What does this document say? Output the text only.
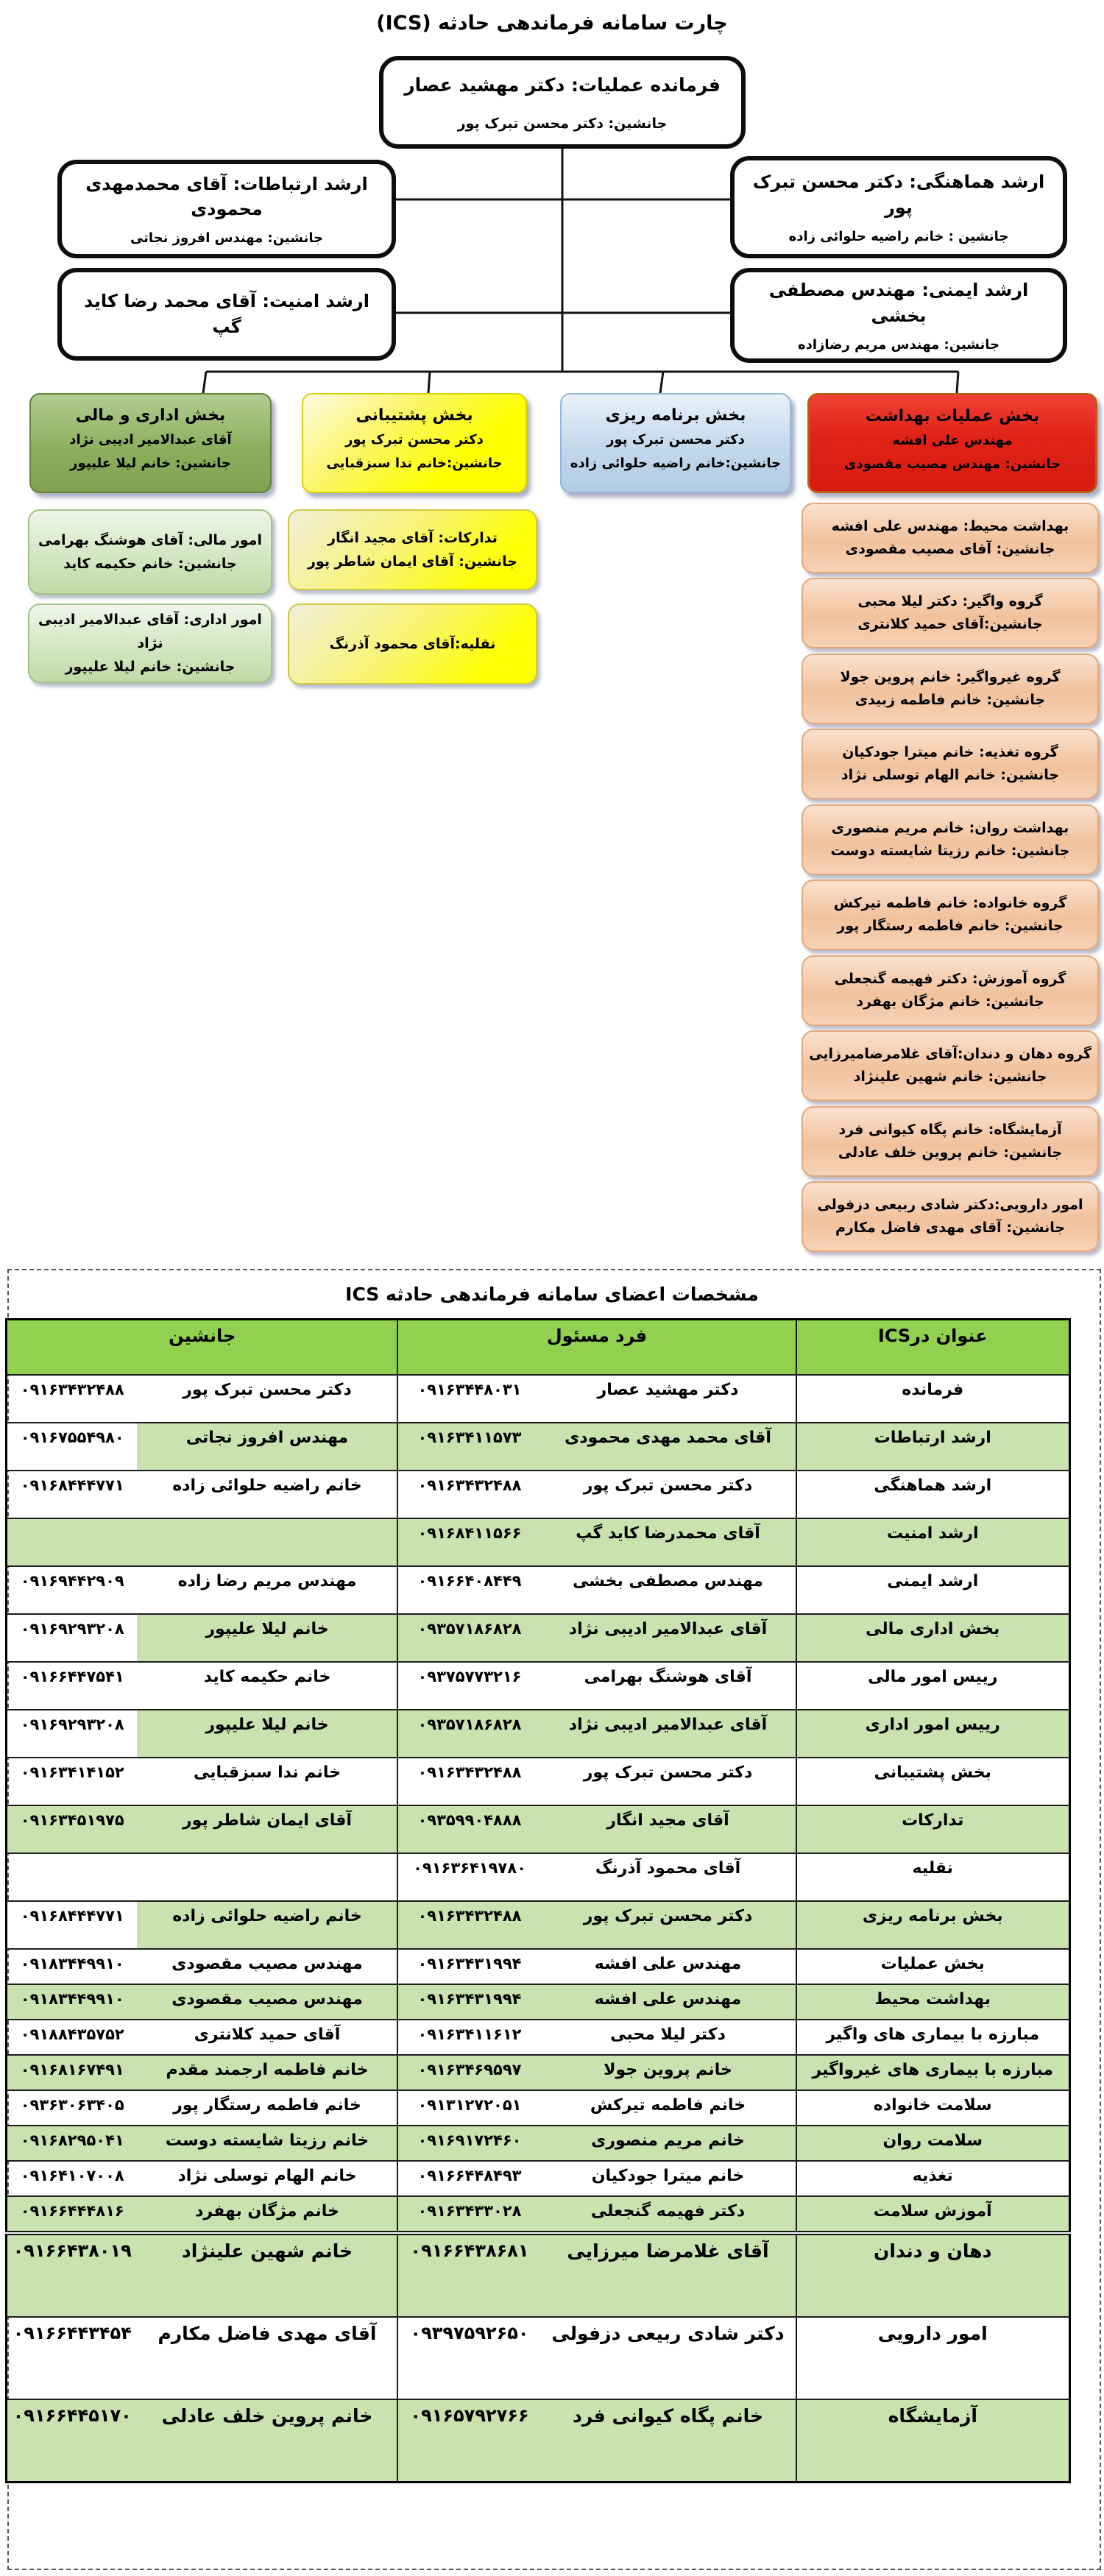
چارت سامانه فرماندهی حادثه (ICS)
فرمانده عملیات: دکتر مهشید عصار
جانشین: دکتر محسن تبرک پور
ارشد ارتباطات: آقای محمدمهدی محمودی
جانشین: مهندس افروز نجاتی
ارشد امنیت: آقای محمد رضا کاید گپ
ارشد هماهنگی: دکتر محسن تبرک پور
جانشین : خانم راضیه حلوائی زاده
ارشد ایمنی: مهندس مصطفی بخشی
جانشین: مهندس مریم رضازاده
بخش عملیات بهداشت
مهندس علی افشه
جانشین: مهندس مصیب مقصودی
بخش برنامه ریزی
دکتر محسن تبرک پور
جانشین:خانم راضیه حلوائی زاده
بخش پشتیبانی
دکتر محسن تبرک پور
جانشین:خانم ندا سبزقبایی
بخش اداری و مالی
آقای عبدالامیر ادیبی نژاد
جانشین: خانم لیلا علیپور
بهداشت محیط: مهندس علی افشه
جانشین: آقای مصیب مقصودی
گروه واگیر: دکتر لیلا محبی
جانشین:آقای حمید کلانتری
گروه غیرواگیر: خانم پروین جولا
جانشین: خانم فاطمه زبیدی
گروه تغذیه: خانم میترا جودکیان
جانشین: خانم الهام توسلی نژاد
بهداشت روان: خانم مریم منصوری
جانشین: خانم رزیتا شایسته دوست
گروه خانواده: خانم فاطمه تیرکش
جانشین: خانم فاطمه رستگار پور
گروه آموزش: دکتر فهیمه گنجعلی
جانشین: خانم مژگان بهفرد
گروه دهان و دندان:آقای غلامرضامیرزایی
جانشین: خانم شهین علینژاد
آزمایشگاه: خانم پگاه کیوانی فرد
جانشین: خانم پروین خلف عادلی
امور دارویی:دکتر شادی ربیعی دزفولی
جانشین: آقای مهدی فاضل مکارم
تدارکات: آقای مجید انگار
جانشین: آقای ایمان شاطر پور
نقلیه:آقای محمود آذرنگ
امور مالی: آقای هوشنگ بهرامی
جانشین: خانم حکیمه کاید
امور اداری: آقای عبدالامیر ادیبی نژاد
جانشین: خانم لیلا علیپور
مشخصات اعضای سامانه فرماندهی حادثه ICS
عنوان درICS	فرد مسئول		جانشین	
فرمانده	دکتر مهشید عصار	۰۹۱۶۳۴۴۸۰۳۱	دکتر محسن تبرک پور	۰۹۱۶۳۴۳۲۴۸۸
ارشد ارتباطات	آقای محمد مهدی محمودی	۰۹۱۶۳۴۱۱۵۷۳	مهندس افروز نجاتی	۰۹۱۶۷۵۵۴۹۸۰
ارشد هماهنگی	دکتر محسن تبرک پور	۰۹۱۶۳۴۳۲۴۸۸	خانم راضیه حلوائی زاده	۰۹۱۶۸۴۴۴۷۷۱
ارشد امنیت	آقای محمدرضا کاید گپ	۰۹۱۶۸۴۱۱۵۶۶		
ارشد ایمنی	مهندس مصطفی بخشی	۰۹۱۶۶۴۰۸۴۴۹	مهندس مریم رضا زاده	۰۹۱۶۹۴۴۲۹۰۹
بخش اداری مالی	آقای عبدالامیر ادیبی نژاد	۰۹۳۵۷۱۸۶۸۲۸	خانم لیلا علیپور	۰۹۱۶۹۲۹۳۲۰۸
رییس امور مالی	آقای هوشنگ بهرامی	۰۹۳۷۵۷۷۳۲۱۶	خانم حکیمه کاید	۰۹۱۶۶۴۴۷۵۴۱
رییس امور اداری	آقای عبدالامیر ادیبی نژاد	۰۹۳۵۷۱۸۶۸۲۸	خانم لیلا علیپور	۰۹۱۶۹۲۹۳۲۰۸
بخش پشتیبانی	دکتر محسن تبرک پور	۰۹۱۶۳۴۳۲۴۸۸	خانم ندا سبزقبایی	۰۹۱۶۳۴۱۴۱۵۲
تدارکات	آقای مجید انگار	۰۹۳۵۹۹۰۴۸۸۸	آقای ایمان شاطر پور	۰۹۱۶۳۴۵۱۹۷۵
نقلیه	آقای محمود آذرنگ	۰۹۱۶۳۶۴۱۹۷۸۰		
بخش برنامه ریزی	دکتر محسن تبرک پور	۰۹۱۶۳۴۳۲۴۸۸	خانم راضیه حلوائی زاده	۰۹۱۶۸۴۴۴۷۷۱
بخش عملیات	مهندس علی افشه	۰۹۱۶۳۴۳۱۹۹۴	مهندس مصیب مقصودی	۰۹۱۸۳۴۴۹۹۱۰
بهداشت محیط	مهندس علی افشه	۰۹۱۶۳۴۳۱۹۹۴	مهندس مصیب مقصودی	۰۹۱۸۳۴۴۹۹۱۰
مبارزه با بیماری های واگیر	دکتر لیلا محبی	۰۹۱۶۳۴۱۱۶۱۲	آقای حمید کلانتری	۰۹۱۸۸۴۳۵۷۵۲
مبارزه با بیماری های غیرواگیر	خانم پروین جولا	۰۹۱۶۳۴۶۹۵۹۷	خانم فاطمه ارجمند مقدم	۰۹۱۶۸۱۶۷۴۹۱
سلامت خانواده	خانم فاطمه تیرکش	۰۹۱۳۱۲۷۲۰۵۱	خانم فاطمه رستگار پور	۰۹۳۶۳۰۶۳۴۰۵
سلامت روان	خانم مریم منصوری	۰۹۱۶۹۱۷۲۴۶۰	خانم رزیتا شایسته دوست	۰۹۱۶۸۲۹۵۰۴۱
تغذیه	خانم میترا جودکیان	۰۹۱۶۶۴۴۸۴۹۳	خانم الهام توسلی نژاد	۰۹۱۶۴۱۰۷۰۰۸
آموزش سلامت	دکتر فهیمه گنجعلی	۰۹۱۶۳۴۳۳۰۲۸	خانم مژگان بهفرد	۰۹۱۶۶۴۴۴۸۱۶
دهان و دندان	آقای غلامرضا میرزایی	۰۹۱۶۶۴۳۸۶۸۱	خانم شهین علینژاد	۰۹۱۶۶۴۳۸۰۱۹
امور دارویی	دکتر شادی ربیعی دزفولی	۰۹۳۹۷۵۹۲۶۵۰	آقای مهدی فاضل مکارم	۰۹۱۶۶۴۴۳۴۵۴
آزمایشگاه	خانم پگاه کیوانی فرد	۰۹۱۶۵۷۹۲۷۶۶	خانم پروین خلف عادلی	۰۹۱۶۶۴۴۵۱۷۰
